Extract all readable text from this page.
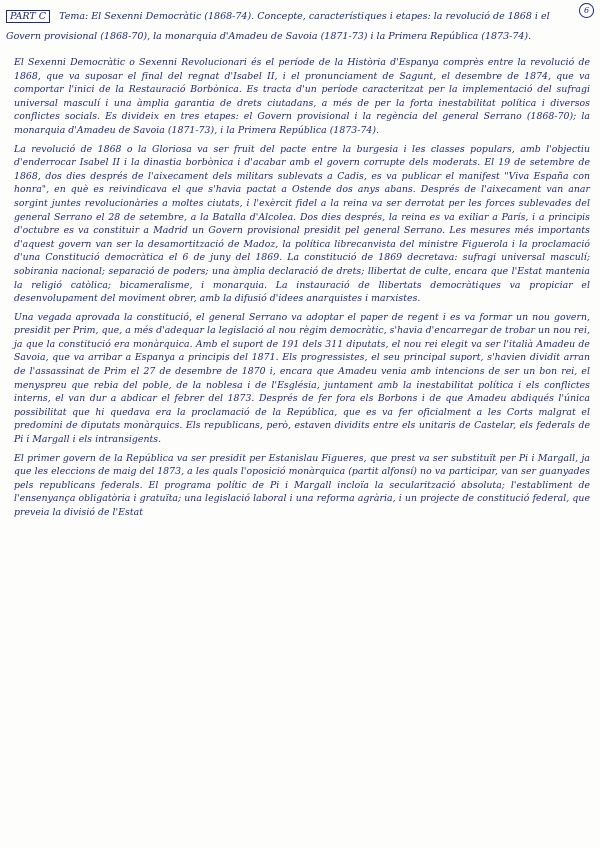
PART C Tema: El Sexenni Democràtic (1868-74). Concepte, característiques i etapes: la revolució de 1868 i el Govern provisional (1868-70), la monarquia d'Amadeu de Savoia (1871-73) i la Primera República (1873-74).
6

El Sexenni Democràtic o Sexenni Revolucionari és el període de la Història d'Espanya comprès entre la revolució de 1868, que va suposar el final del regnat d'Isabel II, i el pronunciament de Sagunt, el desembre de 1874, que va comportar l'inici de la Restauració Borbònica. Es tracta d'un període caracteritzat per la implementació del sufragi universal masculí i una àmplia garantia de drets ciutadans, a més de per la forta inestabilitat política i diversos conflictes socials. Es divideix en tres etapes: el Govern provisional i la regència del general Serrano (1868-70); la monarquia d'Amadeu de Savoia (1871-73), i la Primera República (1873-74).

La revolució de 1868 o la Gloriosa va ser fruit del pacte entre la burgesia i les classes populars, amb l'objectiu d'enderrocar Isabel II i la dinastia borbònica i d'acabar amb el govern corrupte dels moderats. El 19 de setembre de 1868, dos dies després de l'aixecament dels militars sublevats a Cadis, es va publicar el manifest "Viva España con honra", en què es reivindicava el que s'havia pactat a Ostende dos anys abans. Després de l'aixecament van anar sorgint juntes revolucionàries a moltes ciutats, i l'exèrcit fidel a la reina va ser derrotat per les forces sublevades del general Serrano el 28 de setembre, a la Batalla d'Alcolea. Dos dies després, la reina es va exiliar a París, i a principis d'octubre es va constituir a Madrid un Govern provisional presidit pel general Serrano. Les mesures més importants d'aquest govern van ser la desamortització de Madoz, la política librecanvista del ministre Figuerola i la proclamació d'una Constitució democràtica el 6 de juny del 1869. La constitució de 1869 decretava: sufragi universal masculí; sobirania nacional; separació de poders; una àmplia declaració de drets; llibertat de culte, encara que l'Estat mantenia la religió catòlica; bicameralisme, i monarquia. La instauració de llibertats democràtiques va propiciar el desenvolupament del moviment obrer, amb la difusió d'idees anarquistes i marxistes.

Una vegada aprovada la constitució, el general Serrano va adoptar el paper de regent i es va formar un nou govern, presidit per Prim, que, a més d'adequar la legislació al nou règim democràtic, s'havia d'encarregar de trobar un nou rei, ja que la constitució era monàrquica. Amb el suport de 191 dels 311 diputats, el nou rei elegit va ser l'italià Amadeu de Savoia, que va arribar a Espanya a principis del 1871. Els progressistes, el seu principal suport, s'havien dividit arran de l'assassinat de Prim el 27 de desembre de 1870 i, encara que Amadeu venia amb intencions de ser un bon rei, el menyspreu que rebia del poble, de la noblesa i de l'Església, juntament amb la inestabilitat política i els conflictes interns, el van dur a abdicar el febrer del 1873. Després de fer fora els Borbons i de que Amadeu abdiqués l'única possibilitat que hi quedava era la proclamació de la República, que es va fer oficialment a les Corts malgrat el predomini de diputats monàrquics. Els republicans, però, estaven dividits entre els unitaris de Castelar, els federals de Pi i Margall i els intransigents.

El primer govern de la República va ser presidit per Estanislau Figueres, que prest va ser substituït per Pi i Margall, ja que les eleccions de maig del 1873, a les quals l'oposició monàrquica (partit alfonsí) no va participar, van ser guanyades pels republicans federals. El programa polític de Pi i Margall incloïa la secularització absoluta; l'establiment de l'ensenyança obligatòria i gratuïta; una legislació laboral i una reforma agrària, i un projecte de constitució federal, que preveia la divisió de l'Estat
